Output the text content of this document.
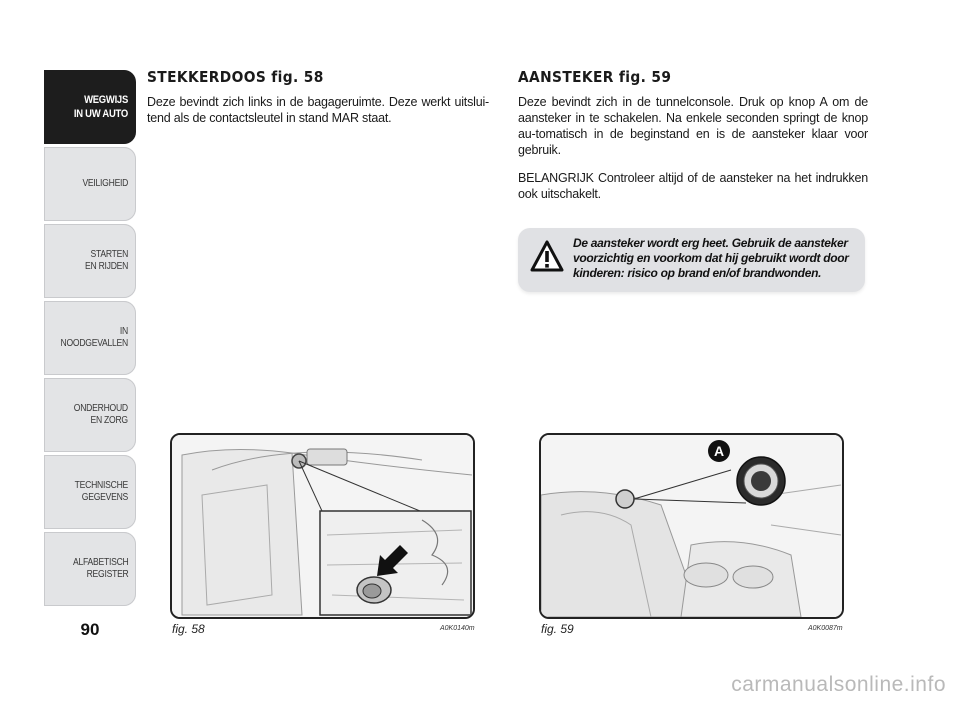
WEGWIJS
IN UW AUTO
VEILIGHEID
STARTEN
EN RIJDEN
IN NOODGEVALLEN
ONDERHOUD
EN ZORG
TECHNISCHE
GEGEVENS
ALFABETISCH
REGISTER
90
STEKKERDOOS fig. 58

Deze bevindt zich links in de bagageruimte. Deze werkt uitslui-tend als de contactsleutel in stand MAR staat.

AANSTEKER fig. 59

Deze bevindt zich in de tunnelconsole. Druk op knop A om de aansteker in te schakelen. Na enkele seconden springt de knop au-tomatisch in de beginstand en is de aansteker klaar voor gebruik.

BELANGRIJK Controleer altijd of de aansteker na het indrukken ook uitschakelt.

De aansteker wordt erg heet. Gebruik de aansteker voorzichtig en voorkom dat hij gebruikt wordt door kinderen: risico op brand en/of brandwonden.
fig. 58	A0K0140m
A
fig. 59	A0K0087m
carmanualsonline.info
